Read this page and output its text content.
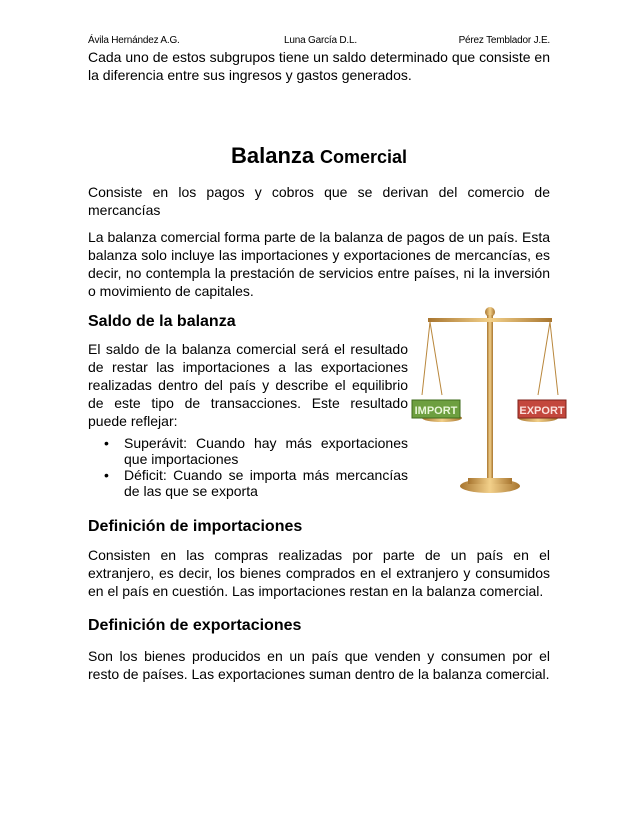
Ávila Hernández A.G.	Luna García D.L.	Pérez Temblador J.E.

Cada uno de estos subgrupos tiene un saldo determinado que consiste en la diferencia entre sus ingresos y gastos generados.

Balanza Comercial

Consiste en los pagos y cobros que se derivan del comercio de mercancías

La balanza comercial forma parte de la balanza de pagos de un país. Esta balanza solo incluye las importaciones y exportaciones de mercancías, es decir, no contempla la prestación de servicios entre países, ni la inversión o movimiento de capitales.

Saldo de la balanza

El saldo de la balanza comercial será el resultado de restar las importaciones a las exportaciones realizadas dentro del país y describe el equilibrio de este tipo de transacciones. Este resultado puede reflejar:

• Superávit: Cuando hay más exportaciones que importaciones
• Déficit: Cuando se importa más mercancías de las que se exporta
IMPORT	EXPORT
Definición de importaciones

Consisten en las compras realizadas por parte de un país en el extranjero, es decir, los bienes comprados en el extranjero y consumidos en el país en cuestión. Las importaciones restan en la balanza comercial.

Definición de exportaciones

Son los bienes producidos en un país que venden y consumen por el resto de países. Las exportaciones suman dentro de la balanza comercial.
